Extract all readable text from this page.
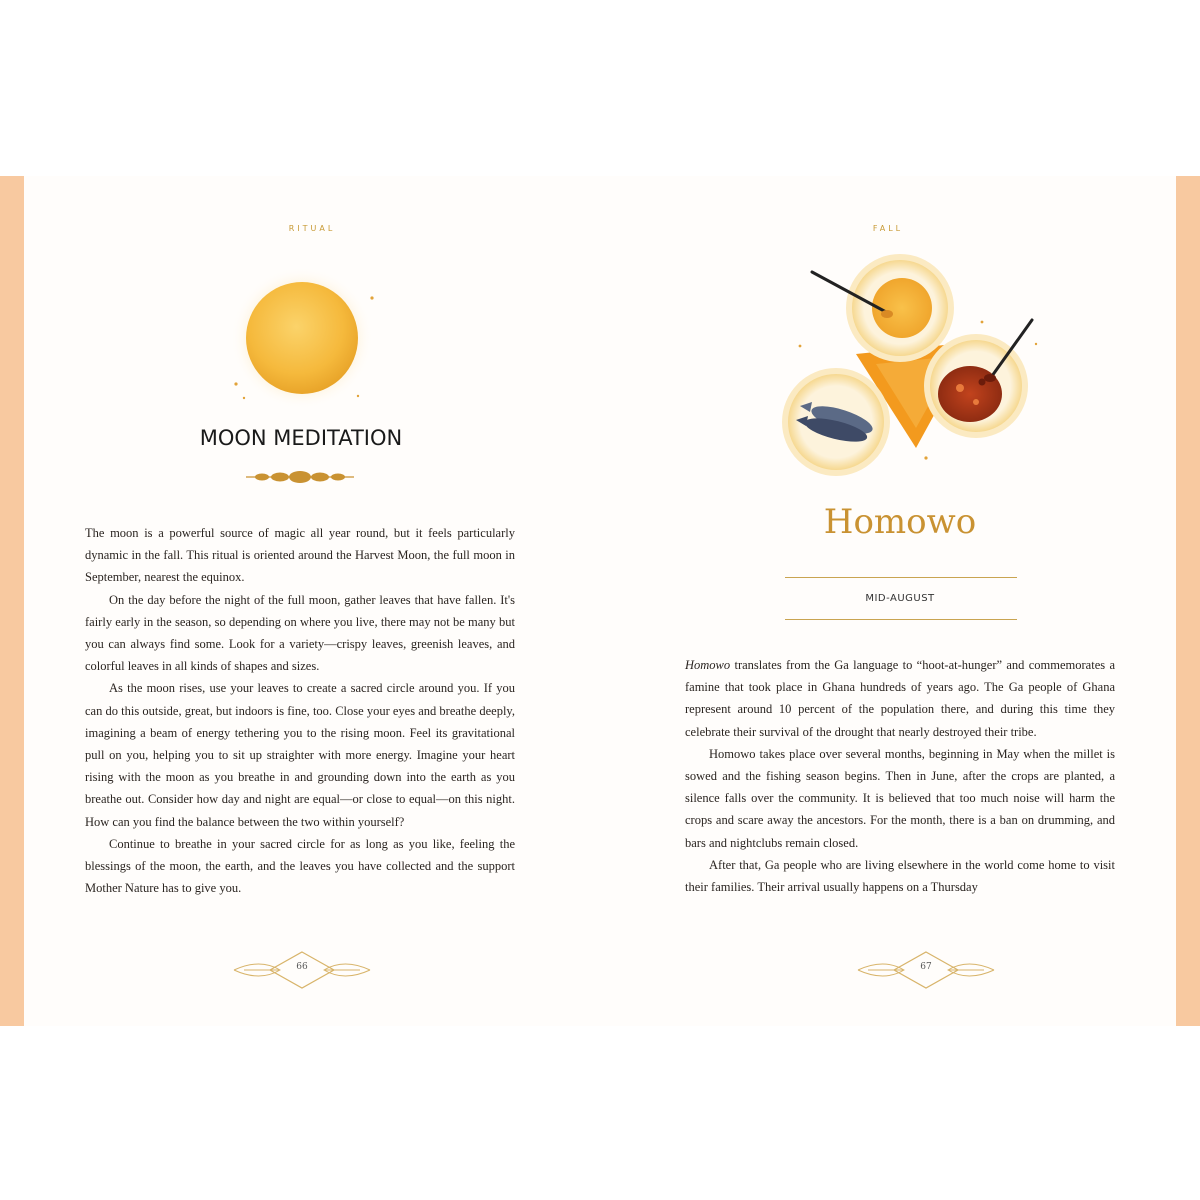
RITUAL
MOON MEDITATION

The moon is a powerful source of magic all year round, but it feels particularly dynamic in the fall. This ritual is oriented around the Harvest Moon, the full moon in September, nearest the equinox.

On the day before the night of the full moon, gather leaves that have fallen. It's fairly early in the season, so depending on where you live, there may not be many but you can always find some. Look for a variety—crispy leaves, greenish leaves, and colorful leaves in all kinds of shapes and sizes.

As the moon rises, use your leaves to create a sacred circle around you. If you can do this outside, great, but indoors is fine, too. Close your eyes and breathe deeply, imagining a beam of energy tethering you to the rising moon. Feel its gravitational pull on you, helping you to sit up straighter with more energy. Imagine your heart rising with the moon as you breathe in and grounding down into the earth as you breathe out. Consider how day and night are equal—or close to equal—on this night. How can you find the balance between the two within yourself?

Continue to breathe in your sacred circle for as long as you like, feeling the blessings of the moon, the earth, and the leaves you have collected and the support Mother Nature has to give you.

66
FALL
Homowo
MID-AUGUST

Homowo translates from the Ga language to “hoot-at-hunger” and commemorates a famine that took place in Ghana hundreds of years ago. The Ga people of Ghana represent around 10 percent of the population there, and during this time they celebrate their survival of the drought that nearly destroyed their tribe.

Homowo takes place over several months, beginning in May when the millet is sowed and the fishing season begins. Then in June, after the crops are planted, a silence falls over the community. It is believed that too much noise will harm the crops and scare away the ancestors. For the month, there is a ban on drumming, and bars and nightclubs remain closed.

After that, Ga people who are living elsewhere in the world come home to visit their families. Their arrival usually happens on a Thursday

67
